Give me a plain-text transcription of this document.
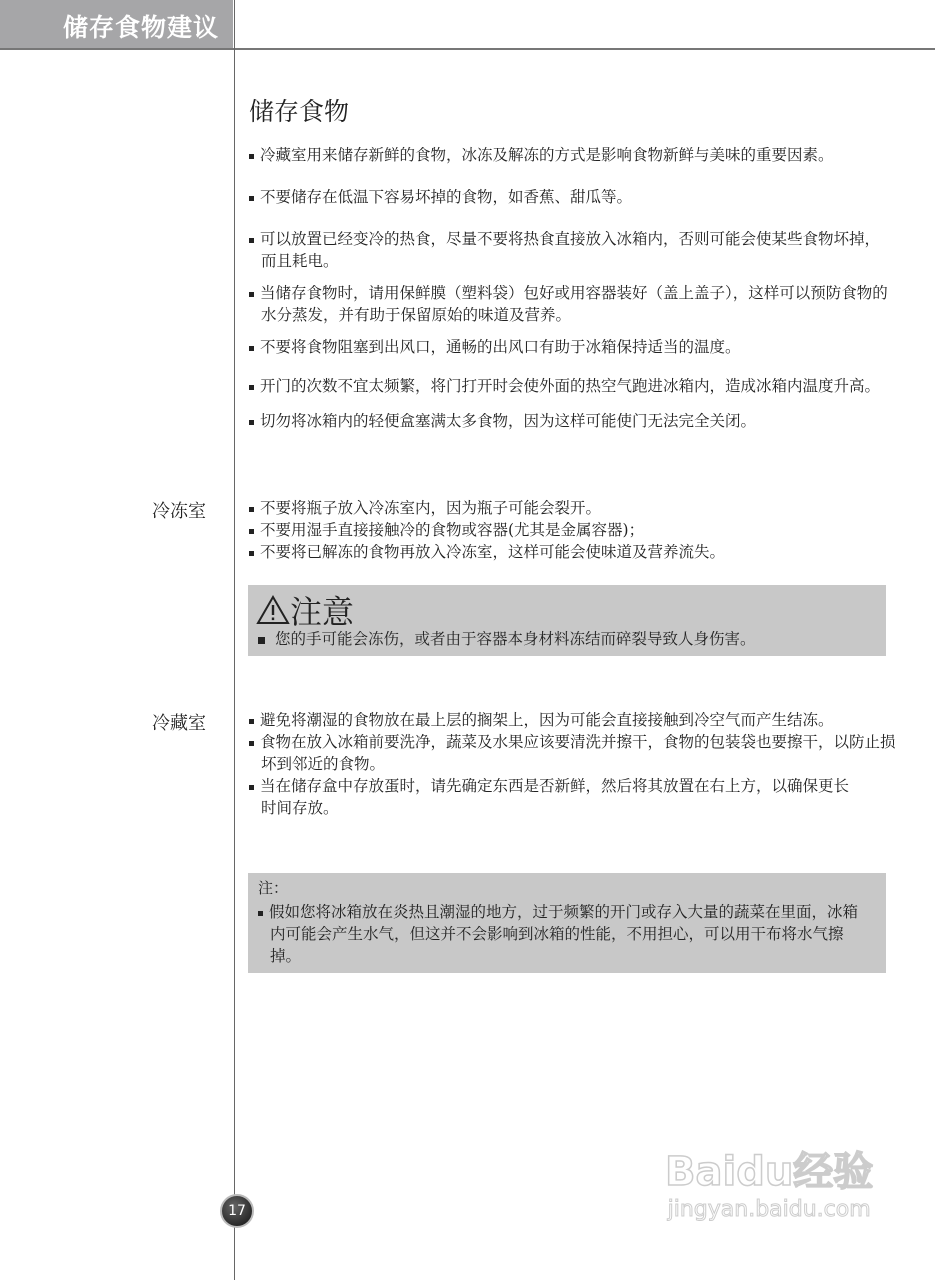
储存食物建议
储存食物
冷藏室用来储存新鲜的食物，冰冻及解冻的方式是影响食物新鲜与美味的重要因素。
不要储存在低温下容易坏掉的食物，如香蕉、甜瓜等。
可以放置已经变冷的热食，尽量不要将热食直接放入冰箱内，否则可能会使某些食物坏掉，而且耗电。
当储存食物时，请用保鲜膜（塑料袋）包好或用容器装好（盖上盖子），这样可以预防食物的水分蒸发，并有助于保留原始的味道及营养。
不要将食物阻塞到出风口，通畅的出风口有助于冰箱保持适当的温度。
开门的次数不宜太频繁，将门打开时会使外面的热空气跑进冰箱内，造成冰箱内温度升高。
切勿将冰箱内的轻便盒塞满太多食物，因为这样可能使门无法完全关闭。
冷冻室	不要将瓶子放入冷冻室内，因为瓶子可能会裂开。
不要用湿手直接接触冷的食物或容器(尤其是金属容器)；
不要将已解冻的食物再放入冷冻室，这样可能会使味道及营养流失。
注意
您的手可能会冻伤，或者由于容器本身材料冻结而碎裂导致人身伤害。
冷藏室	避免将潮湿的食物放在最上层的搁架上，因为可能会直接接触到冷空气而产生结冻。
食物在放入冰箱前要洗净，蔬菜及水果应该要清洗并擦干，食物的包装袋也要擦干，以防止损坏到邻近的食物。
当在储存盒中存放蛋时，请先确定东西是否新鲜，然后将其放置在右上方，以确保更长时间存放。
注：
假如您将冰箱放在炎热且潮湿的地方，过于频繁的开门或存入大量的蔬菜在里面，冰箱内可能会产生水气，但这并不会影响到冰箱的性能，不用担心，可以用干布将水气擦掉。
17
Baidu经验
jingyan.baidu.com
